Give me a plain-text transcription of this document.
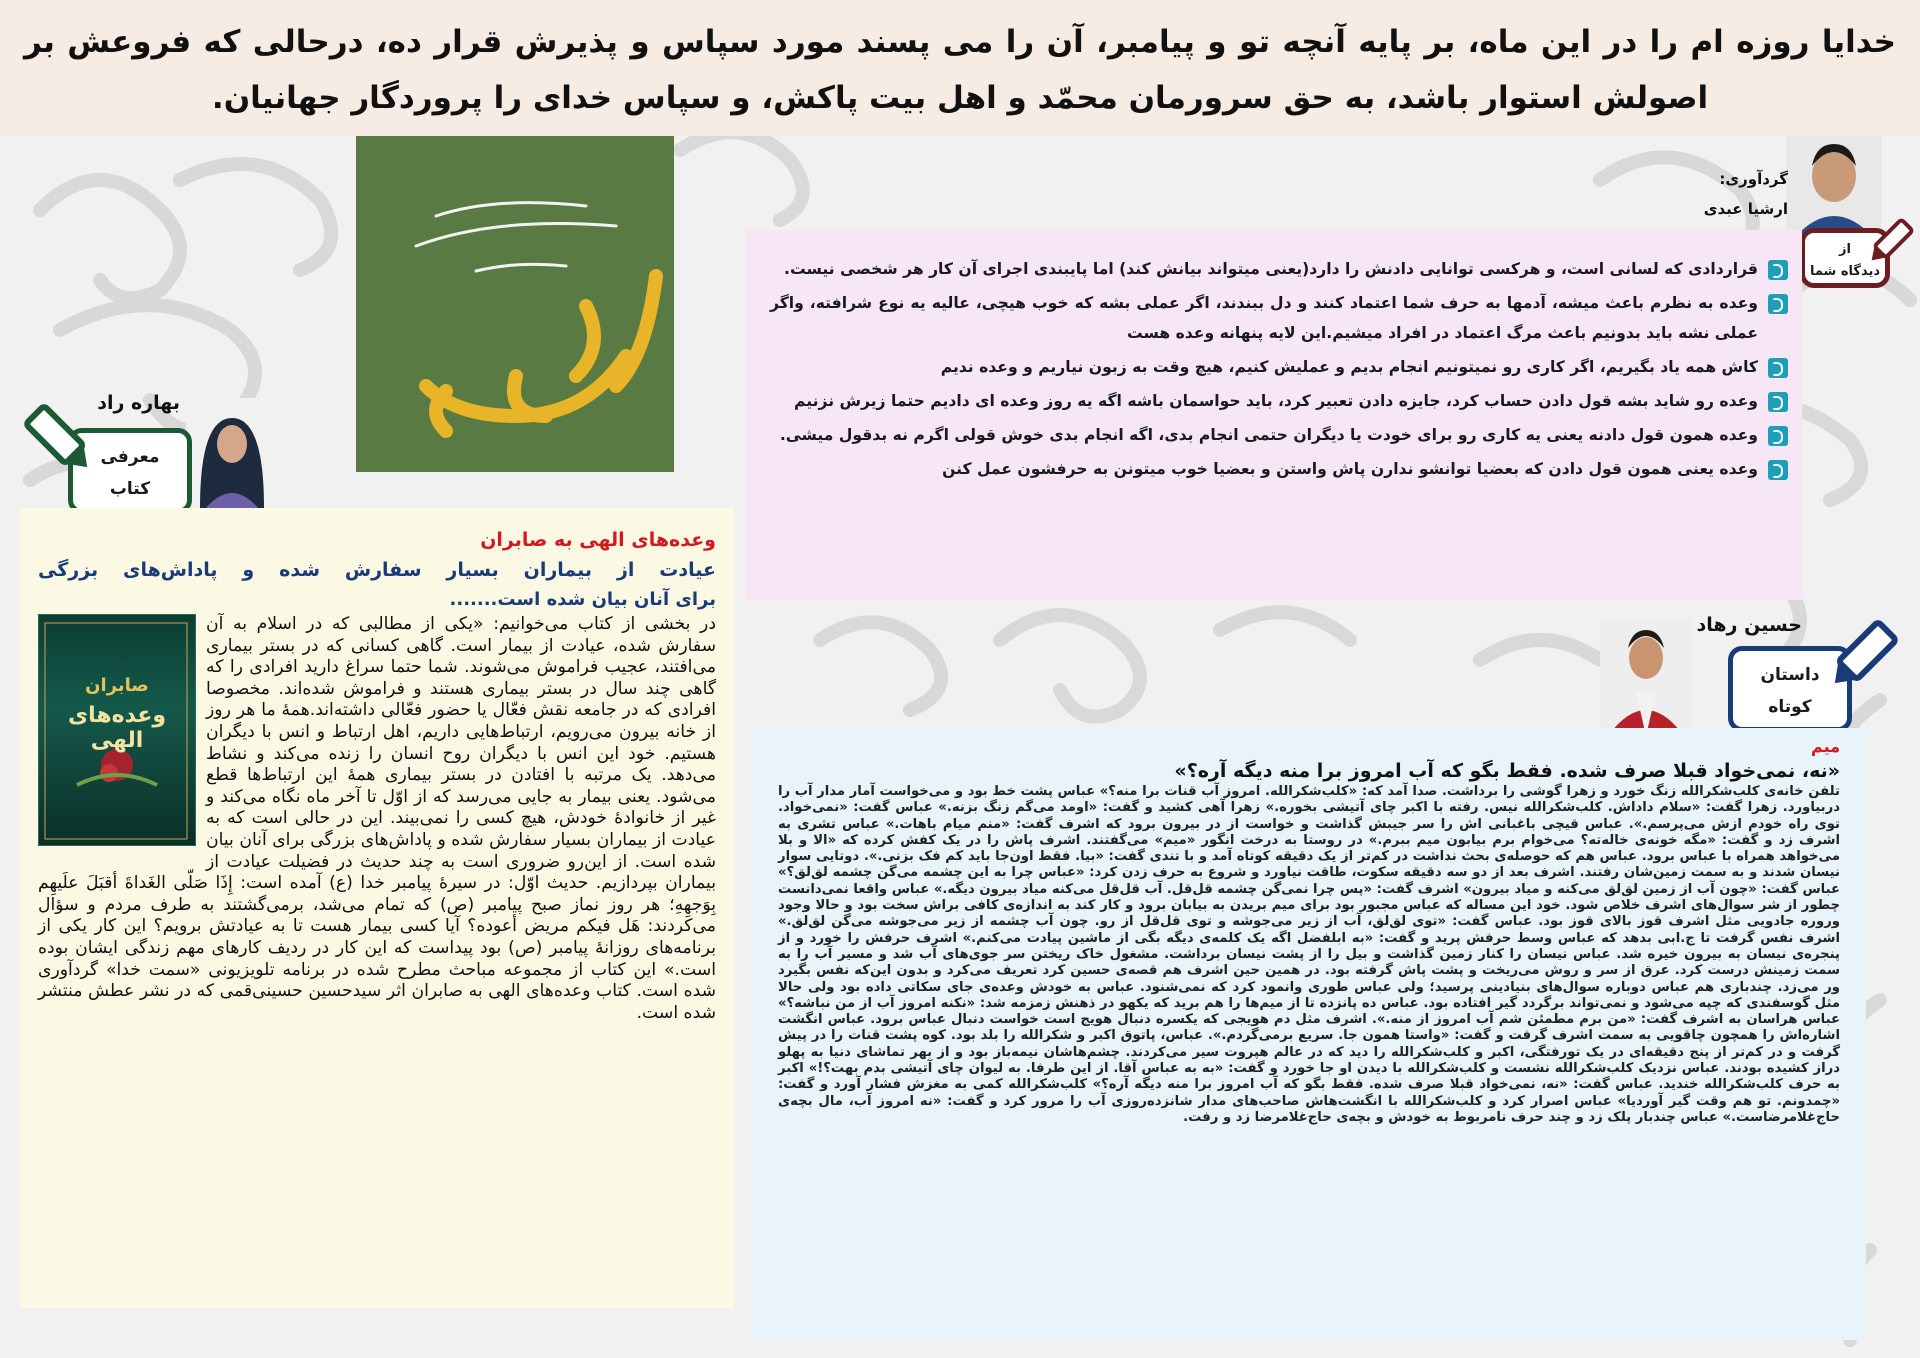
خدایا روزه ام را در این ماه، بر پایه آنچه تو و پیامبر، آن را می پسند مورد سپاس و پذیرش قرار ده، درحالی که فروعش بر اصولش استوار باشد، به حق سرورمان محمّد و اهل بیت پاکش، و سپاس خدای را پروردگار جهانیان.
گردآوری:
ارشیا عبدی
از
دیدگاه شما
قراردادی که لسانی است، و هرکسی توانایی دادنش را دارد(یعنی میتواند بیانش کند) اما پایبندی اجرای آن کار هر شخصی نیست.
وعده به نظرم باعث میشه، آدمها به حرف شما اعتماد کنند و دل ببندند، اگر عملی بشه که خوب هیچی، عالیه یه نوع شرافته، واگر عملی نشه باید بدونیم باعث مرگ اعتماد در افراد میشیم.این لایه پنهانه وعده هست
کاش همه یاد بگیریم، اگر کاری رو نمیتونیم انجام بدیم و عملیش کنیم، هیچ وقت به زبون نیاریم و وعده ندیم
وعده رو شاید بشه قول دادن حساب کرد، جایزه دادن تعبیر کرد، باید حواسمان باشه اگه یه روز وعده ای دادیم حتما زیرش نزنیم
وعده همون قول دادنه یعنی یه کاری رو برای خودت یا دیگران حتمی انجام بدی، اگه انجام بدی خوش قولی اگرم نه بدقول میشی.
وعده یعنی همون قول دادن که بعضیا توانشو ندارن پاش واستن و بعضیا خوب میتونن به حرفشون عمل کنن
بهاره راد
معرفی
کتاب
وعده‌های الهی به صابران
عیادت از بیماران بسیار سفارش شده و پاداش‌های بزرگی
برای آنان بیان شده است.......
صابران
وعده‌های الهی
در بخشی از کتاب می‌خوانیم: «یکی از مطالبی که در اسلام به آن سفارش شده، عیادت از بیمار است. گاهی کسانی که در بستر بیماری می‌افتند، عجیب فراموش می‌شوند. شما حتما سراغ دارید افرادی را که گاهی چند سال در بستر بیماری هستند و فراموش شده‌اند. مخصوصا افرادی که در جامعه نقش فعّال یا حضور فعّالی داشته‌اند.همهٔ ما هر روز از خانه بیرون می‌رویم، ارتباط‌هایی داریم، اهل ارتباط و انس با دیگران هستیم. خود این انس با دیگران روح انسان را زنده می‌کند و نشاط می‌دهد. یک مرتبه با افتادن در بستر بیماری همهٔ این ارتباط‌ها قطع می‌شود. یعنی بیمار به جایی می‌رسد که از اوّل تا آخر ماه نگاه می‌کند و غیر از خانوادهٔ خودش، هیچ کسی را نمی‌بیند. این در حالی است که به عیادت از بیماران بسیار سفارش شده و پاداش‌های بزرگی برای آنان بیان شده است. از این‌رو ضروری است به چند حدیث در فضیلت عیادت از بیماران بپردازیم. حدیث اوّل: در سیرهٔ پیامبر خدا (ع) آمده است: إِذَا صَلّی الغَداةَ أقبَلَ علَیهِم بِوَجهِهِ؛ هر روز نماز صبح پیامبر (ص) که تمام می‌شد، برمی‌گشتند به طرف مردم و سؤال می‌کردند: هَل فیکم مریض أعوده؟ آیا کسی بیمار هست تا به عیادتش برویم؟ این کار یکی از برنامه‌های روزانهٔ پیامبر (ص) بود پیداست که این کار در ردیف کارهای مهم زندگی ایشان بوده است.» این کتاب از مجموعه مباحث مطرح شده در برنامه تلویزیونی «سمت خدا» گردآوری شده است. کتاب وعده‌های الهی به صابران اثر سیدحسین حسینی‌قمی که در نشر عطش منتشر شده است.
حسین رهاد
داستان
کوتاه
میم
«نه، نمی‌خواد قبلا صرف شده. فقط بگو که آب امروز برا منه دیگه آره؟»
تلفن خانه‌ی کلب‌شکرالله زنگ خورد و زهرا گوشی را برداشت. صدا آمد که: «کلب‌شکرالله. امروز آب قنات برا منه؟» عباس پشت خط بود و می‌خواست آمار مدار آب را دربیاورد. زهرا گفت: «سلام داداش. کلب‌شکرالله نیس. رفته با اکبر چای آتیشی بخوره.» زهرا آهی کشید و گفت: «اومد می‌گم زنگ بزنه.» عباس گفت: «نمی‌خواد. توی راه خودم ازش می‌پرسم.». عباس قیچی باغبانی اش را سر جیبش گذاشت و خواست از در بیرون برود که اشرف گفت: «منم میام باهات.» عباس تشری به اشرف زد و گفت: «مگه خونه‌ی خاله‌ته؟ می‌خوام برم بیابون میم ببرم.» در روستا به درخت انگور «میم» می‌گفتند. اشرف پاش را در یک کفش کرده که «الا و بلا می‌خواهد همراه با عباس برود. عباس هم که حوصله‌ی بحث نداشت در کم‌تر از یک دقیقه کوتاه آمد و با تندی گفت: «بیا. فقط اون‌جا باید کم فک بزنی.». دوتایی سوار نیسان شدند و به سمت زمین‌شان رفتند. اشرف بعد از دو سه دقیقه سکوت، طاقت نیاورد و شروع به حرف زدن کرد: «عباس چرا به این چشمه می‌گن چشمه لق‌لق؟» عباس گفت: «چون آب از زمین لق‌لق می‌کنه و میاد بیرون» اشرف گفت: «پس چرا نمی‌گن چشمه قل‌قل. آب قل‌قل می‌کنه میاد بیرون دیگه.» عباس واقعا نمی‌دانست چطور از شر سوال‌های اشرف خلاص شود. خود این مساله که عباس مجبور بود برای میم بریدن به بیابان برود و کار کند به اندازه‌ی کافی براش سخت بود و حالا وجود وروره جادویی مثل اشرف قوز بالای قوز بود. عباس گفت: «توی لق‌لق، آب از زیر می‌جوشه و توی قل‌قل از رو. چون آب چشمه از زیر می‌جوشه می‌گن لق‌لق.» اشرف نفس گرفت تا ج.ابی بدهد که عباس وسط حرفش پرید و گفت: «به ابلفضل اگه یک کلمه‌ی دیگه بگی از ماشین پیادت می‌کنم.» اشرف حرفش را خورد و از پنجره‌ی نیسان به بیرون خیره شد. عباس نیسان را کنار زمین گذاشت و بیل را از پشت نیسان برداشت. مشغول خاک ریختن سر جوی‌های آب شد و مسیر آب را به سمت زمینش درست کرد. عرق از سر و روش می‌ریخت و پشت پاش گرفته بود. در همین حین اشرف هم قصه‌ی حسین کرد تعریف می‌کرد و بدون این‌که نفس بگیرد ور می‌زد. چندباری هم عباس دوباره سوال‌های بنیادینی پرسید؛ ولی عباس طوری وانمود کرد که نمی‌شنود. عباس به خودش وعده‌ی جای سکاتی داده بود ولی حالا مثل گوسفندی که چپه می‌شود و نمی‌تواند برگردد گیر افتاده بود. عباس ده پانزده تا از میم‌ها را هم برید که یکهو در ذهنش زمزمه شد: «نکنه امروز آب از من نباشه؟» عباس هراسان به اشرف گفت: «من برم مطمئن شم آب امروز از منه.». اشرف مثل دم هویجی که یکسره دنبال هویج است خواست دنبال عباس برود. عباس انگشت اشاره‌اش را همچون چاقویی به سمت اشرف گرفت و گفت: «واستا همون جا. سریع برمی‌گردم.». عباس، پاتوق اکبر و شکرالله را بلد بود. کوه پشت قنات را در پیش گرفت و در کم‌تر از پنج دقیقه‌ای در یک تورفتگی، اکبر و کلب‌شکرالله را دید که در عالم هپروت سیر می‌کردند. چشم‌هاشان نیمه‌باز بود و از بهر تماشای دنیا به پهلو دراز کشیده بودند. عباس نزدیک کلب‌شکرالله نشست و کلب‌شکرالله با دیدن او جا خورد و گفت: «به به عباس آقا. از این طرفا. به لیوان چای آتیشی بدم بهت؟!» اکبر به حرف کلب‌شکرالله خندید. عباس گفت: «نه، نمی‌خواد قبلا صرف شده. فقط بگو که آب امروز برا منه دیگه آره؟» کلب‌شکرالله کمی به مغزش فشار آورد و گفت: «چمدونم. تو هم وقت گیر آوردیا» عباس اصرار کرد و کلب‌شکرالله با انگشت‌هاش صاحب‌های مدار شانزده‌روزی آب را مرور کرد و گفت: «نه امروز آب، مال بچه‌ی حاج‌غلامرضاست.» عباس چندبار پلک زد و چند حرف نامربوط به خودش و بچه‌ی حاج‌غلامرضا زد و رفت.
